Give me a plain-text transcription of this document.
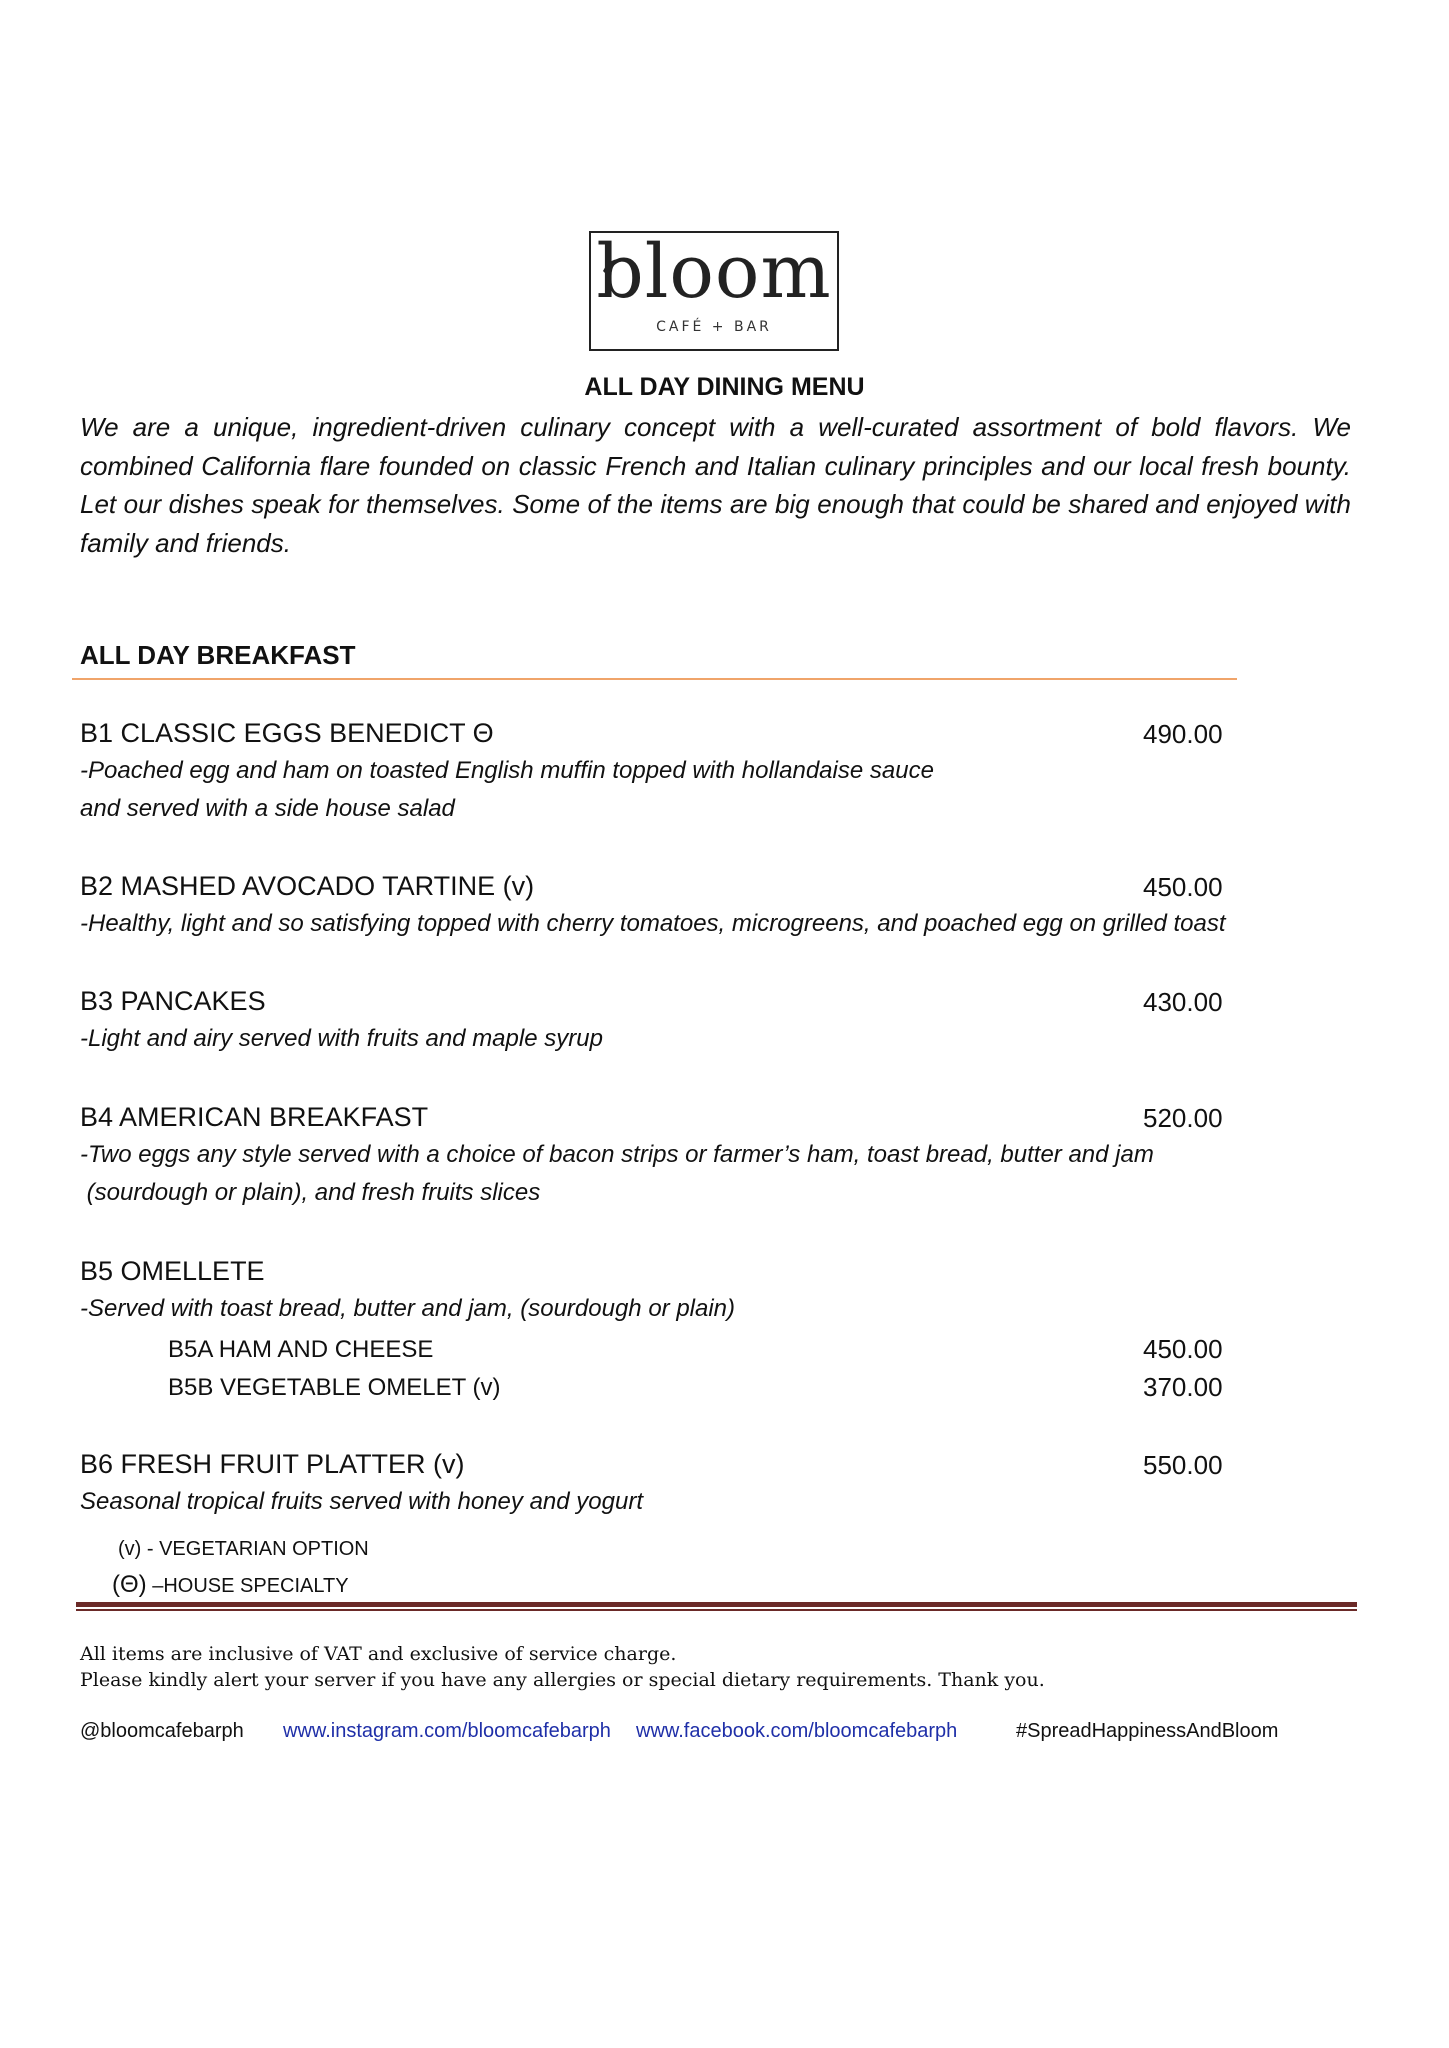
bloom
CAFÉ + BAR
ALL DAY DINING MENU
We are a unique, ingredient-driven culinary concept with a well-curated assortment of bold flavors. We combined California flare founded on classic French and Italian culinary principles and our local fresh bounty. Let our dishes speak for themselves. Some of the items are big enough that could be shared and enjoyed with family and friends.
ALL DAY BREAKFAST
B1 CLASSIC EGGS BENEDICT Θ	490.00
-Poached egg and ham on toasted English muffin topped with hollandaise sauce
and served with a side house salad
B2 MASHED AVOCADO TARTINE (v)	450.00
-Healthy, light and so satisfying topped with cherry tomatoes, microgreens, and poached egg on grilled toast
B3 PANCAKES	430.00
-Light and airy served with fruits and maple syrup
B4 AMERICAN BREAKFAST	520.00
-Two eggs any style served with a choice of bacon strips or farmer’s ham, toast bread, butter and jam
(sourdough or plain), and fresh fruits slices
B5 OMELLETE
-Served with toast bread, butter and jam, (sourdough or plain)
B5A HAM AND CHEESE	450.00
B5B VEGETABLE OMELET (v)	370.00
B6 FRESH FRUIT PLATTER (v)	550.00
Seasonal tropical fruits served with honey and yogurt
(v) - VEGETARIAN OPTION
(Θ) –HOUSE SPECIALTY
All items are inclusive of VAT and exclusive of service charge.
Please kindly alert your server if you have any allergies or special dietary requirements. Thank you.
@bloomcafebarph www.instagram.com/bloomcafebarph www.facebook.com/bloomcafebarph	#SpreadHappinessAndBloom
